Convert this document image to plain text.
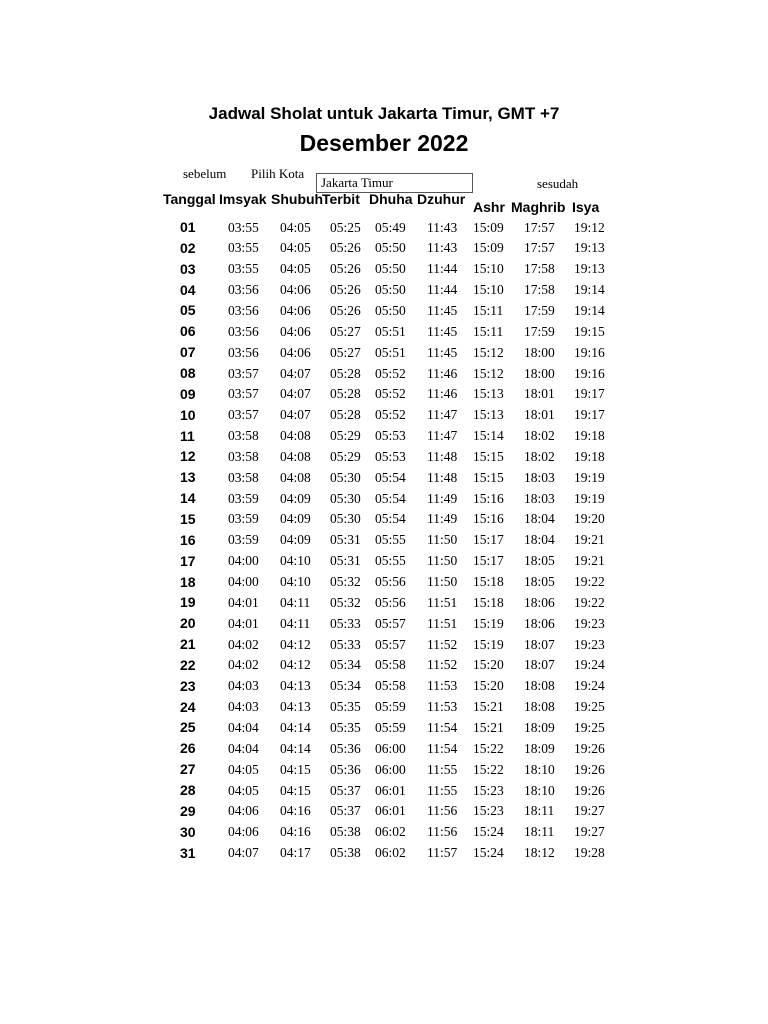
Jadwal Sholat untuk Jakarta Timur, GMT +7
Desember 2022
sebelum Pilih Kota
Jakarta Timur	sesudah
Tanggal Imsyak Shubuh
Terbit Dhuha Dzuhur Ashr Maghrib Isya
01 03:55 04:05 05:25 05:49 11:43 15:09 17:57 19:12
02 03:55 04:05 05:26 05:50 11:43 15:09 17:57 19:13
03 03:55 04:05 05:26 05:50 11:44 15:10 17:58 19:13
04 03:56 04:06 05:26 05:50 11:44 15:10 17:58 19:14
05 03:56 04:06 05:26 05:50 11:45 15:11 17:59 19:14
06 03:56 04:06 05:27 05:51 11:45 15:11 17:59 19:15
07 03:56 04:06 05:27 05:51 11:45 15:12 18:00 19:16
08 03:57 04:07 05:28 05:52 11:46 15:12 18:00 19:16
09 03:57 04:07 05:28 05:52 11:46 15:13 18:01 19:17
10 03:57 04:07 05:28 05:52 11:47 15:13 18:01 19:17
11 03:58 04:08 05:29 05:53 11:47 15:14 18:02 19:18
12 03:58 04:08 05:29 05:53 11:48 15:15 18:02 19:18
13 03:58 04:08 05:30 05:54 11:48 15:15 18:03 19:19
14 03:59 04:09 05:30 05:54 11:49 15:16 18:03 19:19
15 03:59 04:09 05:30 05:54 11:49 15:16 18:04 19:20
16 03:59 04:09 05:31 05:55 11:50 15:17 18:04 19:21
17 04:00 04:10 05:31 05:55 11:50 15:17 18:05 19:21
18 04:00 04:10 05:32 05:56 11:50 15:18 18:05 19:22
19 04:01 04:11 05:32 05:56 11:51 15:18 18:06 19:22
20 04:01 04:11 05:33 05:57 11:51 15:19 18:06 19:23
21 04:02 04:12 05:33 05:57 11:52 15:19 18:07 19:23
22 04:02 04:12 05:34 05:58 11:52 15:20 18:07 19:24
23 04:03 04:13 05:34 05:58 11:53 15:20 18:08 19:24
24 04:03 04:13 05:35 05:59 11:53 15:21 18:08 19:25
25 04:04 04:14 05:35 05:59 11:54 15:21 18:09 19:25
26 04:04 04:14 05:36 06:00 11:54 15:22 18:09 19:26
27 04:05 04:15 05:36 06:00 11:55 15:22 18:10 19:26
28 04:05 04:15 05:37 06:01 11:55 15:23 18:10 19:26
29 04:06 04:16 05:37 06:01 11:56 15:23 18:11 19:27
30 04:06 04:16 05:38 06:02 11:56 15:24 18:11 19:27
31 04:07 04:17 05:38 06:02 11:57 15:24 18:12 19:28
